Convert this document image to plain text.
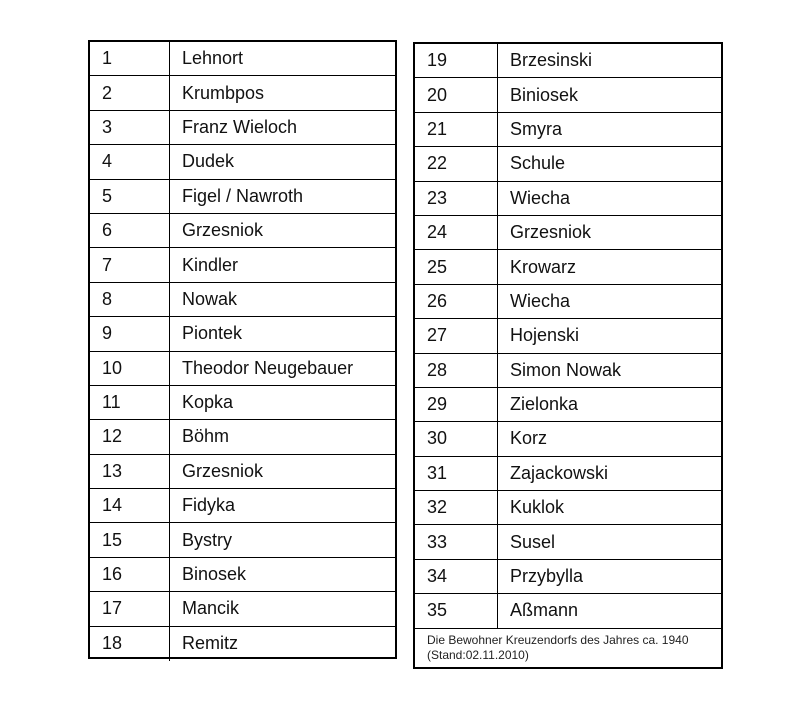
1	Lehnort
2	Krumbpos
3	Franz Wieloch
4	Dudek
5	Figel / Nawroth
6	Grzesniok
7	Kindler
8	Nowak
9	Piontek
10	Theodor Neugebauer
11	Kopka
12	Böhm
13	Grzesniok
14	Fidyka
15	Bystry
16	Binosek
17	Mancik
18	Remitz
19	Brzesinski
20	Biniosek
21	Smyra
22	Schule
23	Wiecha
24	Grzesniok
25	Krowarz
26	Wiecha
27	Hojenski
28	Simon Nowak
29	Zielonka
30	Korz
31	Zajackowski
32	Kuklok
33	Susel
34	Przybylla
35	Aßmann
Die Bewohner Kreuzendorfs des Jahres ca. 1940
(Stand:02.11.2010)
